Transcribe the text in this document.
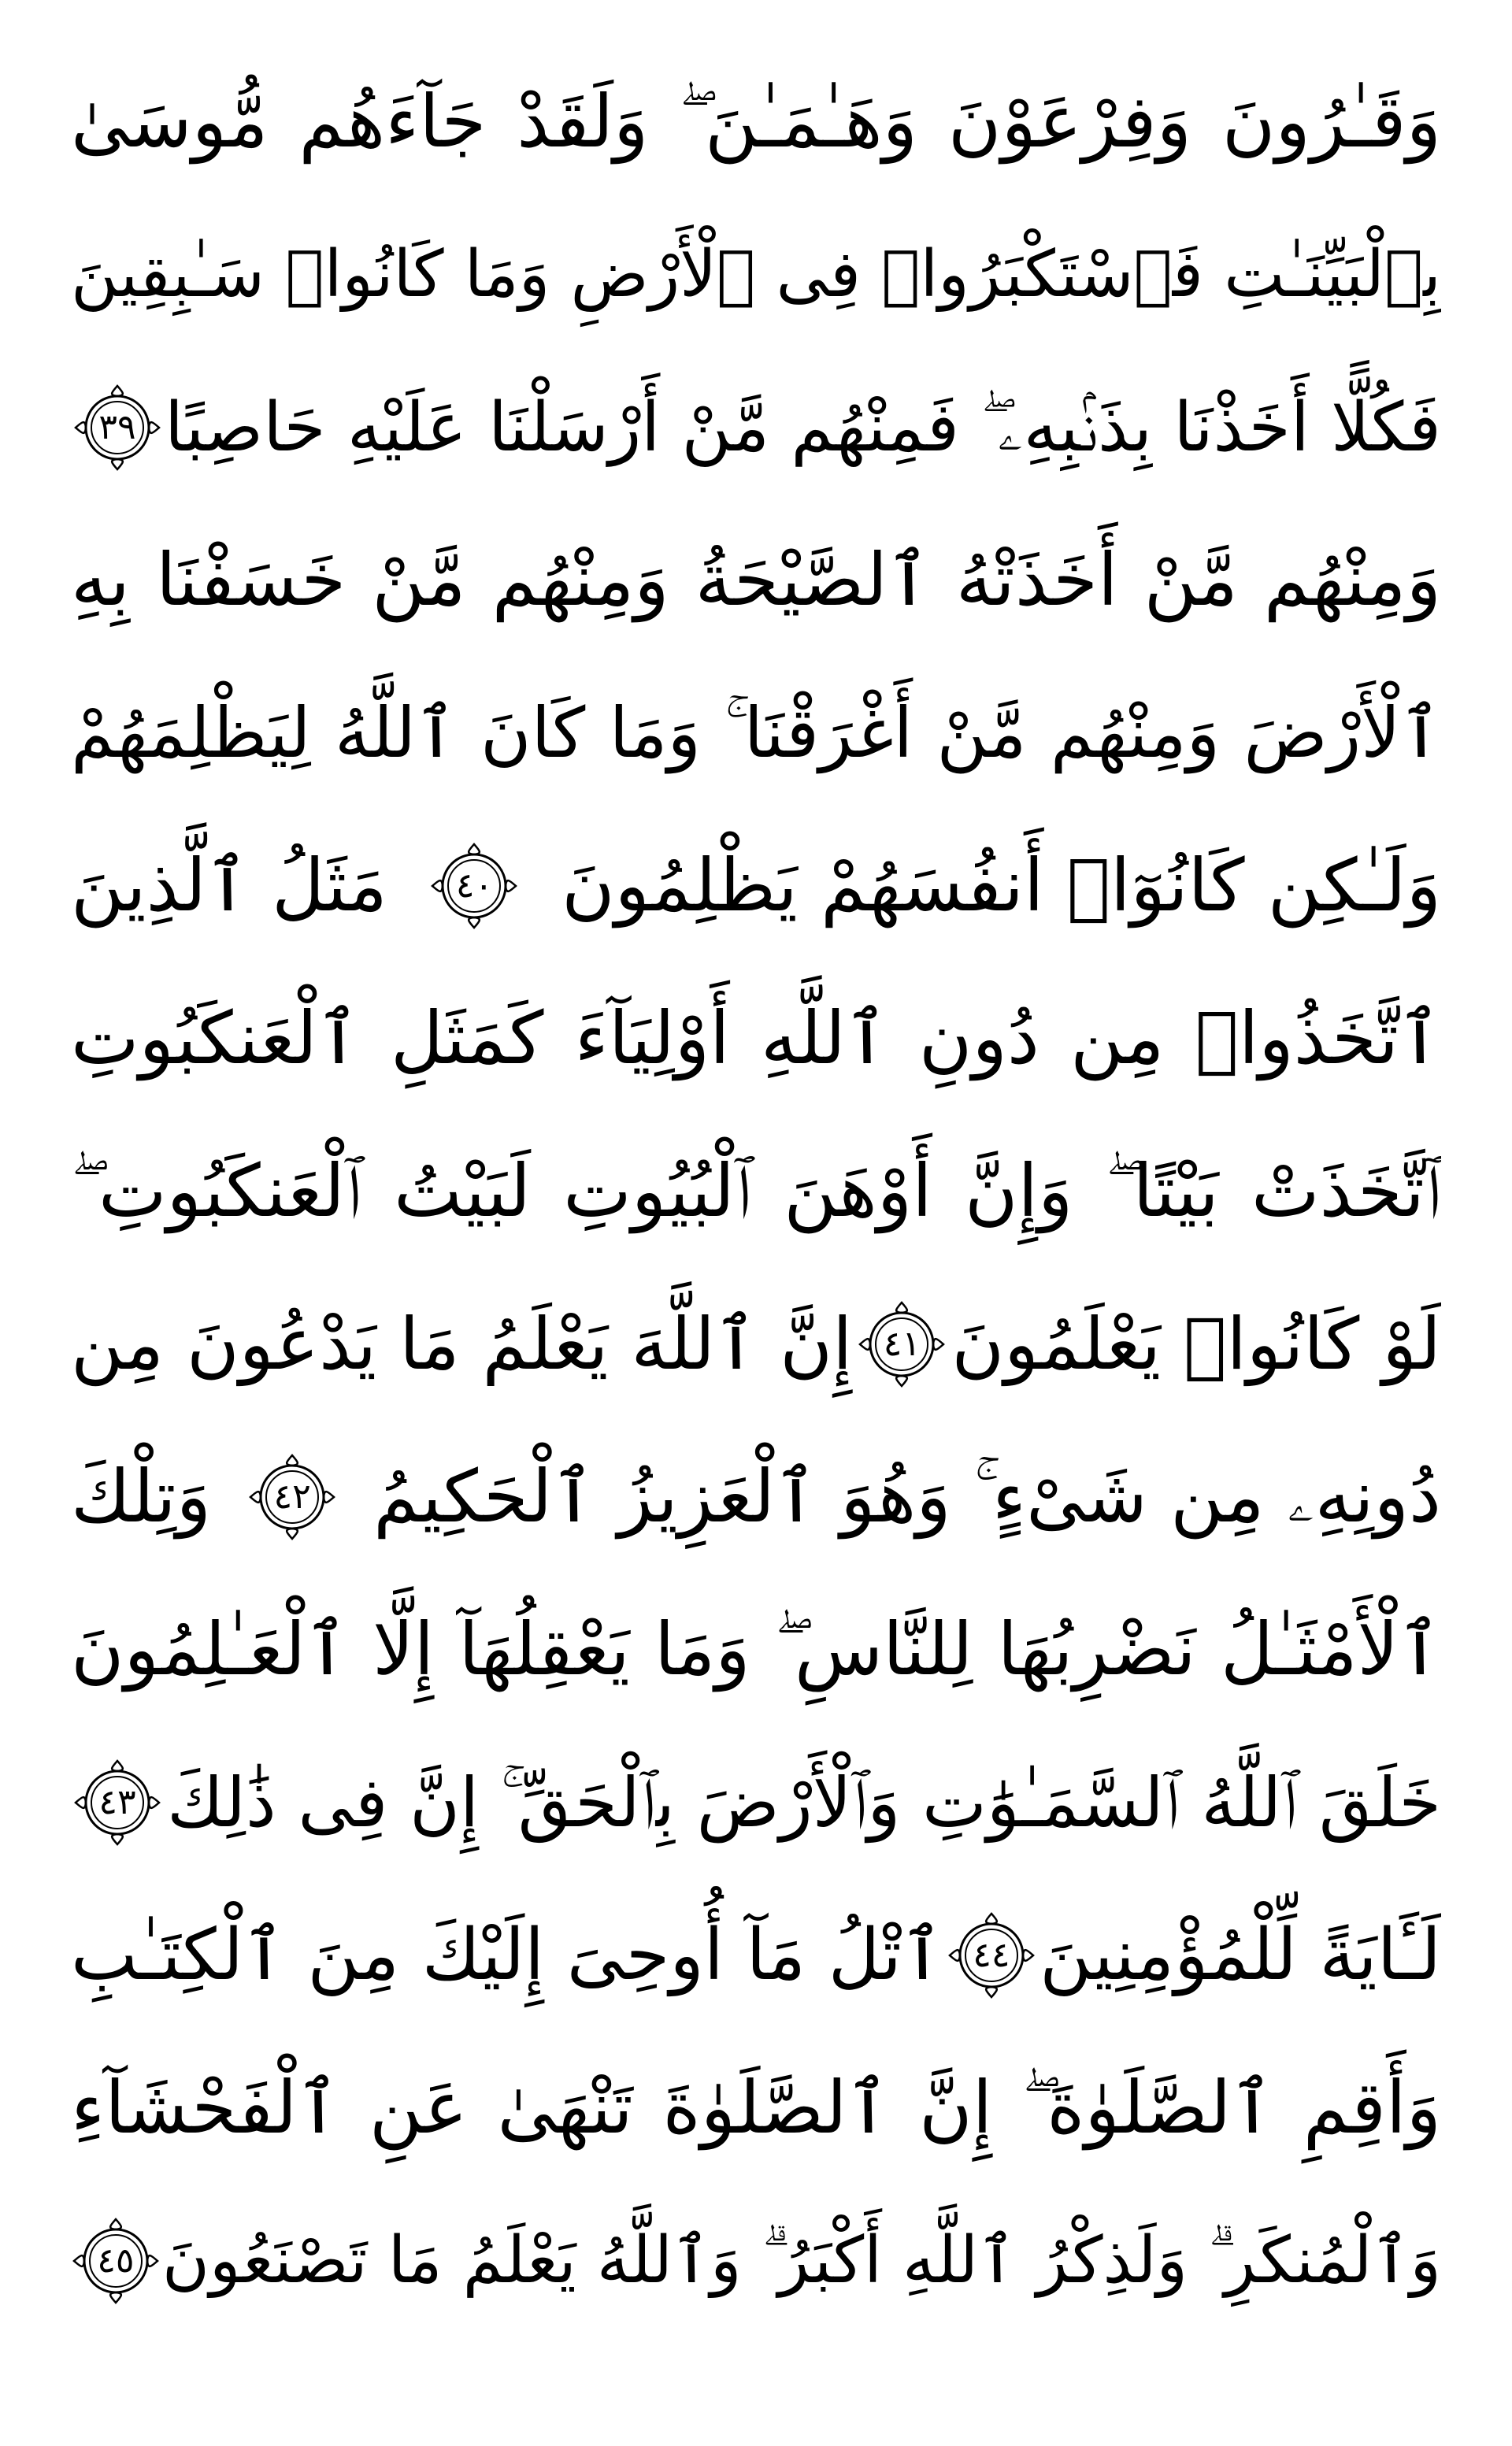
وَقَـٰرُونَ وَفِرْعَوْنَ وَهَـٰمَـٰنَ ۖ وَلَقَدْ جَآءَهُم مُّوسَىٰ
بِٱلْبَيِّنَـٰتِ فَٱسْتَكْبَرُوا۟ فِى ٱلْأَرْضِ وَمَا كَانُوا۟ سَـٰبِقِينَ
فَكُلًّا أَخَذْنَا بِذَنۢبِهِۦ ۖ فَمِنْهُم مَّنْ أَرْسَلْنَا عَلَيْهِ حَاصِبًا
٣٩
وَمِنْهُم مَّنْ أَخَذَتْهُ ٱلصَّيْحَةُ وَمِنْهُم مَّنْ خَسَفْنَا بِهِ
ٱلْأَرْضَ وَمِنْهُم مَّنْ أَغْرَقْنَا ۚ وَمَا كَانَ ٱللَّهُ لِيَظْلِمَهُمْ
وَلَـٰكِن كَانُوٓا۟ أَنفُسَهُمْ يَظْلِمُونَ
٤٠
مَثَلُ ٱلَّذِينَ
ٱتَّخَذُوا۟ مِن دُونِ ٱللَّهِ أَوْلِيَآءَ كَمَثَلِ ٱلْعَنكَبُوتِ
ٱتَّخَذَتْ بَيْتًا ۖ وَإِنَّ أَوْهَنَ ٱلْبُيُوتِ لَبَيْتُ ٱلْعَنكَبُوتِ ۖ
لَوْ كَانُوا۟ يَعْلَمُونَ
٤١
إِنَّ ٱللَّهَ يَعْلَمُ مَا يَدْعُونَ مِن
دُونِهِۦ مِن شَىْءٍ ۚ وَهُوَ ٱلْعَزِيزُ ٱلْحَكِيمُ
٤٢
وَتِلْكَ
ٱلْأَمْثَـٰلُ نَضْرِبُهَا لِلنَّاسِ ۖ وَمَا يَعْقِلُهَآ إِلَّا ٱلْعَـٰلِمُونَ
خَلَقَ ٱللَّهُ ٱلسَّمَـٰوَٰتِ وَٱلْأَرْضَ بِٱلْحَقِّ ۚ إِنَّ فِى ذَٰلِكَ
٤٣
لَـَٔايَةً لِّلْمُؤْمِنِينَ
٤٤
ٱتْلُ مَآ أُوحِىَ إِلَيْكَ مِنَ ٱلْكِتَـٰبِ
وَأَقِمِ ٱلصَّلَوٰةَ ۖ إِنَّ ٱلصَّلَوٰةَ تَنْهَىٰ عَنِ ٱلْفَحْشَآءِ
وَٱلْمُنكَرِ ۗ وَلَذِكْرُ ٱللَّهِ أَكْبَرُ ۗ وَٱللَّهُ يَعْلَمُ مَا تَصْنَعُونَ
٤٥
